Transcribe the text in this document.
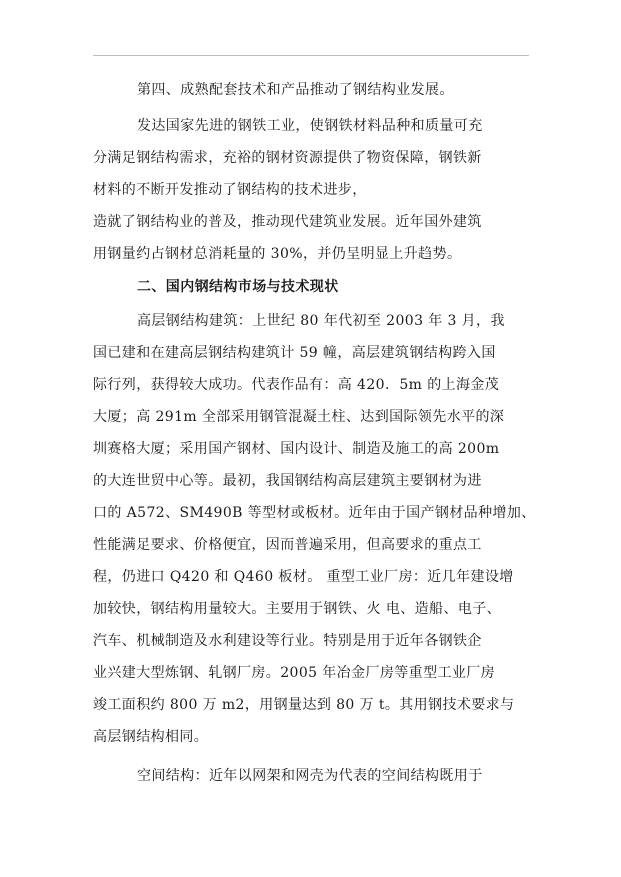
第四、成熟配套技术和产品推动了钢结构业发展。
发达国家先进的钢铁工业，使钢铁材料品种和质量可充
分满足钢结构需求，充裕的钢材资源提供了物资保障，钢铁新
材料的不断开发推动了钢结构的技术进步，
造就了钢结构业的普及，推动现代建筑业发展。近年国外建筑
用钢量约占钢材总消耗量的 30%，并仍呈明显上升趋势。
二、国内钢结构市场与技术现状
高层钢结构建筑：上世纪 80 年代初至 2003 年 3 月，我
国已建和在建高层钢结构建筑计 59 幢，高层建筑钢结构跨入国
际行列，获得较大成功。代表作品有：高 420．5m 的上海金茂
大厦；高 291m 全部采用钢管混凝土柱、达到国际领先水平的深
圳赛格大厦；采用国产钢材、国内设计、制造及施工的高 200m
的大连世贸中心等。最初，我国钢结构高层建筑主要钢材为进
口的 A572、SM490B 等型材或板材。近年由于国产钢材品种增加、
性能满足要求、价格便宜，因而普遍采用，但高要求的重点工
程，仍进口 Q420 和 Q460 板材。 重型工业厂房：近几年建设增
加较快，钢结构用量较大。主要用于钢铁、火 电、造船、电子、
汽车、机械制造及水利建设等行业。特别是用于近年各钢铁企
业兴建大型炼钢、轧钢厂房。2005 年冶金厂房等重型工业厂房
竣工面积约 800 万 m2，用钢量达到 80 万 t。其用钢技术要求与
高层钢结构相同。
空间结构：近年以网架和网壳为代表的空间结构既用于
